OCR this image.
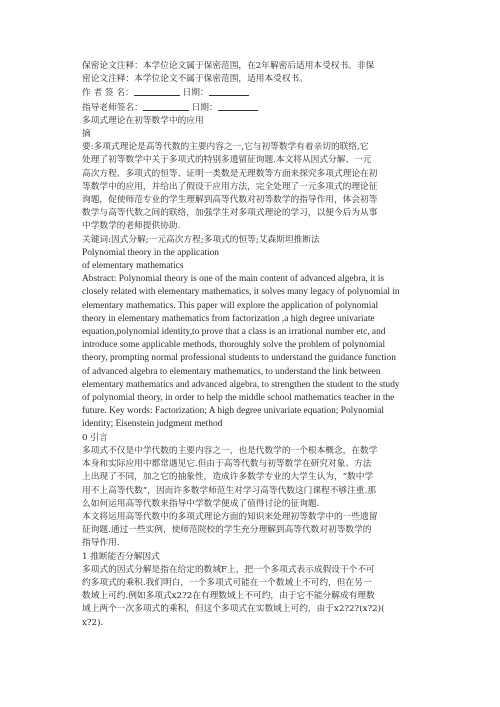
保密论文注释：本学位论文属于保密范围，在2年解密后适用本受权书。非保

密论文注释：本学位论文不属于保密范围，适用本受权书。

作 者 签 名：	日期：

指导老师签名：	日期：

多项式理论在初等数学中的应用

摘

要:多项式理论是高等代数的主要内容之一,它与初等数学有着亲切的联络,它

处理了初等数学中关于多项式的特别多遗留征询题.本文将从因式分解、一元

高次方程、多项式的恒等、证明一类数是无理数等方面来探究多项式理论在初

等数学中的应用，并给出了假设干应用方法，完全处理了一元多项式的理论征

询题，促使师范专业的学生理解到高等代数对初等数学的指导作用，体会初等

数学与高等代数之间的联络，加强学生对多项式理论的学习，以便今后为从事

中学数学的老师提供协助.

关键词:因式分解;一元高次方程;多项式的恒等;艾森斯坦推断法

Polynomial theory in the application

of elementary mathematics

Abstract: Polynomial theory is one of the main content of advanced algebra, it is

closely related with elementary mathematics, it solves many legacy of polynomial in

elementary mathematics. This paper will explore the application of polynomial

theory in elementary mathematics from factorization ,a high degree univariate

equation,polynomial identity,to prove that a class is an irrational number etc, and

introduce some applicable methods, thoroughly solve the problem of polynomial

theory, prompting normal professional students to understand the guidance function

of advanced algebra to elementary mathematics, to understand the link between

elementary mathematics and advanced algebra, to strengthen the student to the study

of polynomial theory, in order to help the middle school mathematics teacher in the

future. Key words: Factorization; A high degree univariate equation; Polynomial

identity; Eisenstein judgment method

0 引言

多项式不仅是中学代数的主要内容之一，也是代数学的一个根本概念，在数学

本身和实际应用中都常遇见它.但由于高等代数与初等数学在研究对象、方法

上出现了不同，加之它的抽象性，造成许多数学专业的大学生认为，“数中学

用不上高等代数”，因而许多数学师范生对学习高等代数这门课程不够注重.那

么如何运用高等代数来指导中学数学便成了值得讨论的征询题.

本文将运用高等代数中的多项式理论方面的知识来处理初等数学中的一些遗留

征询题.通过一些实例，使师范院校的学生充分理解到高等代数对初等数学的

指导作用.

1 推断能否分解因式

多项式的因式分解是指在给定的数域F上，把一个多项式表示成假设干个不可

约多项式的乘积.我们明白，一个多项式可能在一个数域上不可约，但在另一

数域上可约.例如多项式x2?2在有理数域上不可约，由于它不能分解成有理数

域上两个一次多项式的乘积，但这个多项式在实数域上可约，由于x2?2?(x?2)(

x?2).
